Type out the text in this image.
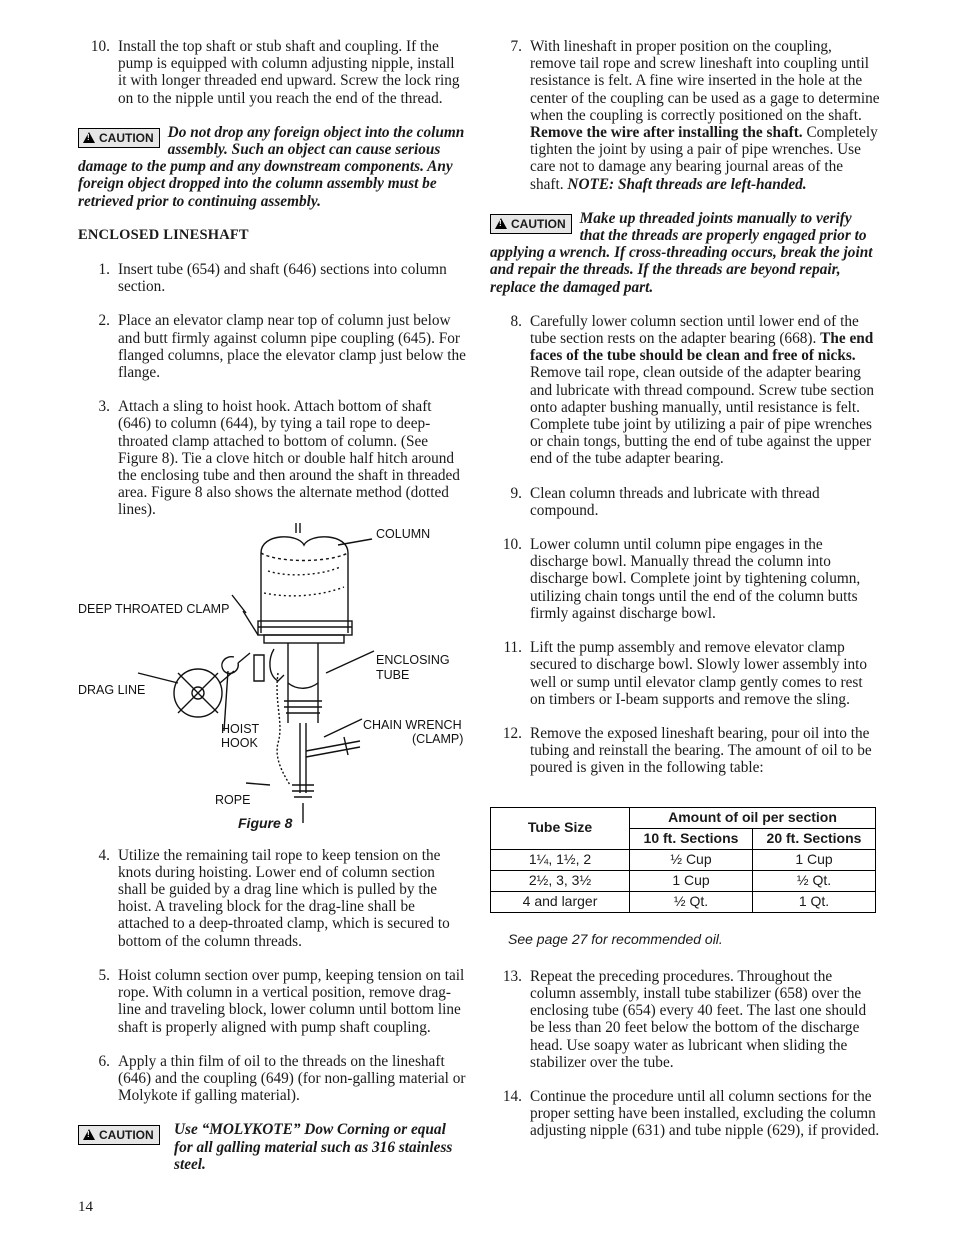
10. Install the top shaft or stub shaft and coupling. If the pump is equipped with column adjusting nipple, install it with longer threaded end upward. Screw the lock ring on to the nipple until you reach the end of the thread.
!CAUTION Do not drop any foreign object into the column assembly. Such an object can cause serious damage to the pump and any downstream components. Any foreign object dropped into the column assembly must be retrieved prior to continuing assembly.
ENCLOSED LINESHAFT
1. Insert tube (654) and shaft (646) sections into column section.
2. Place an elevator clamp near top of column just below and butt firmly against column pipe coupling (645). For flanged columns, place the elevator clamp just below the flange.
3. Attach a sling to hoist hook. Attach bottom of shaft (646) to column (644), by tying a tail rope to deep-throated clamp attached to bottom of column. (See Figure 8). Tie a clove hitch or double half hitch around the enclosing tube and then around the shaft in threaded area. Figure 8 also shows the alternate method (dotted lines).
COLUMN
DEEP THROATED CLAMP
ENCLOSING
TUBE
DRAG LINE
HOIST
HOOK
CHAIN WRENCH
(CLAMP)
ROPE
Figure 8
4. Utilize the remaining tail rope to keep tension on the knots during hoisting. Lower end of column section shall be guided by a drag line which is pulled by the hoist. A traveling block for the drag-line shall be attached to a deep-throated clamp, which is secured to bottom of the column threads.
5. Hoist column section over pump, keeping tension on tail rope. With column in a vertical position, remove drag-line and traveling block, lower column until bottom line shaft is properly aligned with pump shaft coupling.
6. Apply a thin film of oil to the threads on the lineshaft (646) and the coupling (649) (for non-galling material or Molykote if galling material).
!CAUTION	Use “MOLYKOTE” Dow Corning or equal for all galling material such as 316 stainless steel.
14
7. With lineshaft in proper position on the coupling, remove tail rope and screw lineshaft into coupling until resistance is felt. A fine wire inserted in the hole at the center of the coupling can be used as a gage to determine when the coupling is correctly positioned on the shaft. Remove the wire after installing the shaft. Completely tighten the joint by using a pair of pipe wrenches. Use care not to damage any bearing journal areas of the shaft. NOTE: Shaft threads are left-handed.
!CAUTION Make up threaded joints manually to verify that the threads are properly engaged prior to applying a wrench. If cross-threading occurs, break the joint and repair the threads. If the threads are beyond repair, replace the damaged part.
8. Carefully lower column section until lower end of the tube section rests on the adapter bearing (668). The end faces of the tube should be clean and free of nicks. Remove tail rope, clean outside of the adapter bearing and lubricate with thread compound. Screw tube section onto adapter bushing manually, until resistance is felt. Complete tube joint by utilizing a pair of pipe wrenches or chain tongs, butting the end of tube against the upper end of the tube adapter bearing.
9. Clean column threads and lubricate with thread compound.
10. Lower column until column pipe engages in the discharge bowl. Manually thread the column into discharge bowl. Complete joint by tightening column, utilizing chain tongs until the end of the column butts firmly against discharge bowl.
11. Lift the pump assembly and remove elevator clamp secured to discharge bowl. Slowly lower assembly into well or sump until elevator clamp gently comes to rest on timbers or I-beam supports and remove the sling.
12. Remove the exposed lineshaft bearing, pour oil into the tubing and reinstall the bearing. The amount of oil to be poured is given in the following table:
Tube Size	Amount of oil per section	
	10 ft. Sections	20 ft. Sections
1¼, 1½, 2	½ Cup	1 Cup
2½, 3, 3½	1 Cup	½ Qt.
4 and larger	½ Qt.	1 Qt.
See page 27 for recommended oil.
13. Repeat the preceding procedures. Throughout the column assembly, install tube stabilizer (658) over the enclosing tube (654) every 40 feet. The last one should be less than 20 feet below the bottom of the discharge head. Use soapy water as lubricant when sliding the stabilizer over the tube.
14. Continue the procedure until all column sections for the proper setting have been installed, excluding the column adjusting nipple (631) and tube nipple (629), if provided.
